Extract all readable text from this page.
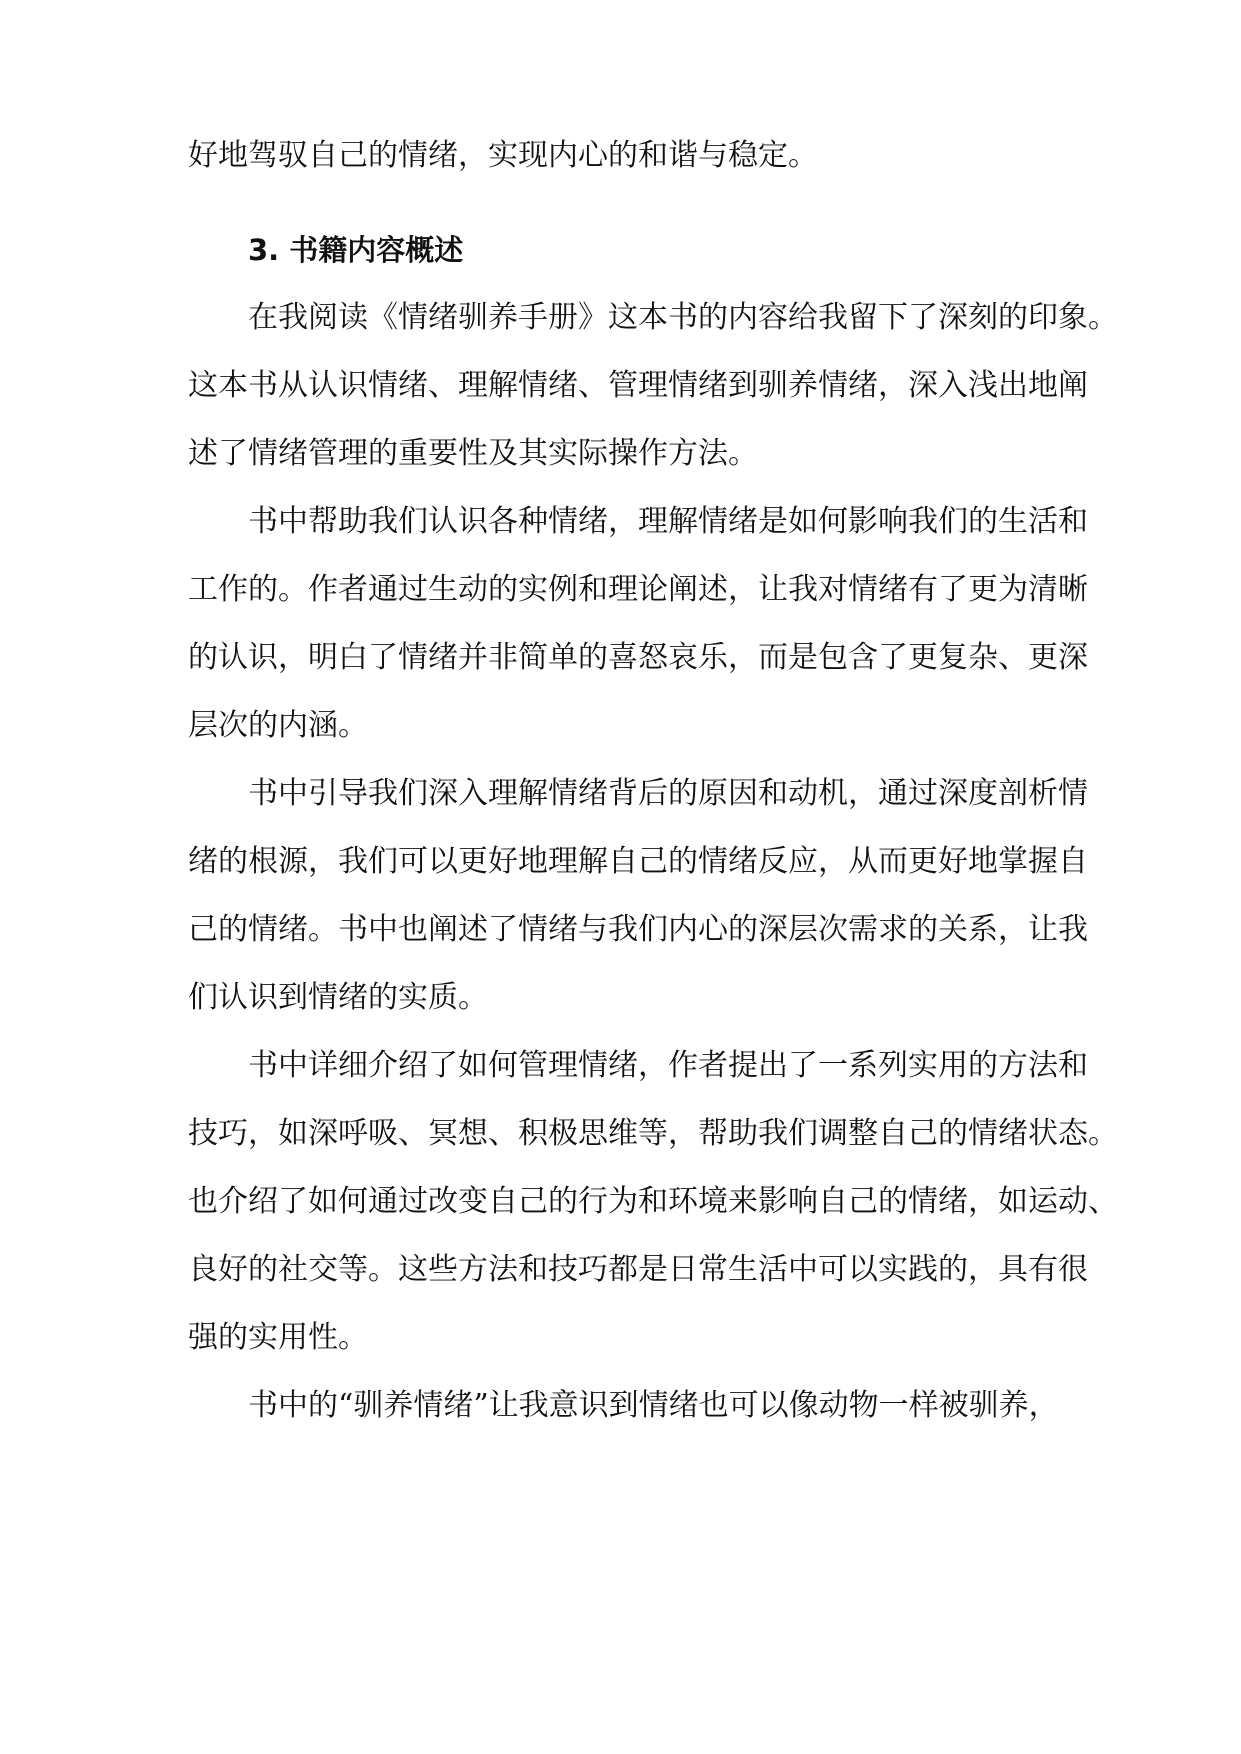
好地驾驭自己的情绪，实现内心的和谐与稳定。
3. 书籍内容概述
在我阅读《情绪驯养手册》这本书的内容给我留下了深刻的印象。
这本书从认识情绪、理解情绪、管理情绪到驯养情绪，深入浅出地阐
述了情绪管理的重要性及其实际操作方法。
书中帮助我们认识各种情绪，理解情绪是如何影响我们的生活和
工作的。作者通过生动的实例和理论阐述，让我对情绪有了更为清晰
的认识，明白了情绪并非简单的喜怒哀乐，而是包含了更复杂、更深
层次的内涵。
书中引导我们深入理解情绪背后的原因和动机，通过深度剖析情
绪的根源，我们可以更好地理解自己的情绪反应，从而更好地掌握自
己的情绪。书中也阐述了情绪与我们内心的深层次需求的关系，让我
们认识到情绪的实质。
书中详细介绍了如何管理情绪，作者提出了一系列实用的方法和
技巧，如深呼吸、冥想、积极思维等，帮助我们调整自己的情绪状态。
也介绍了如何通过改变自己的行为和环境来影响自己的情绪，如运动、
良好的社交等。这些方法和技巧都是日常生活中可以实践的，具有很
强的实用性。
书中的“驯养情绪”让我意识到情绪也可以像动物一样被驯养，
